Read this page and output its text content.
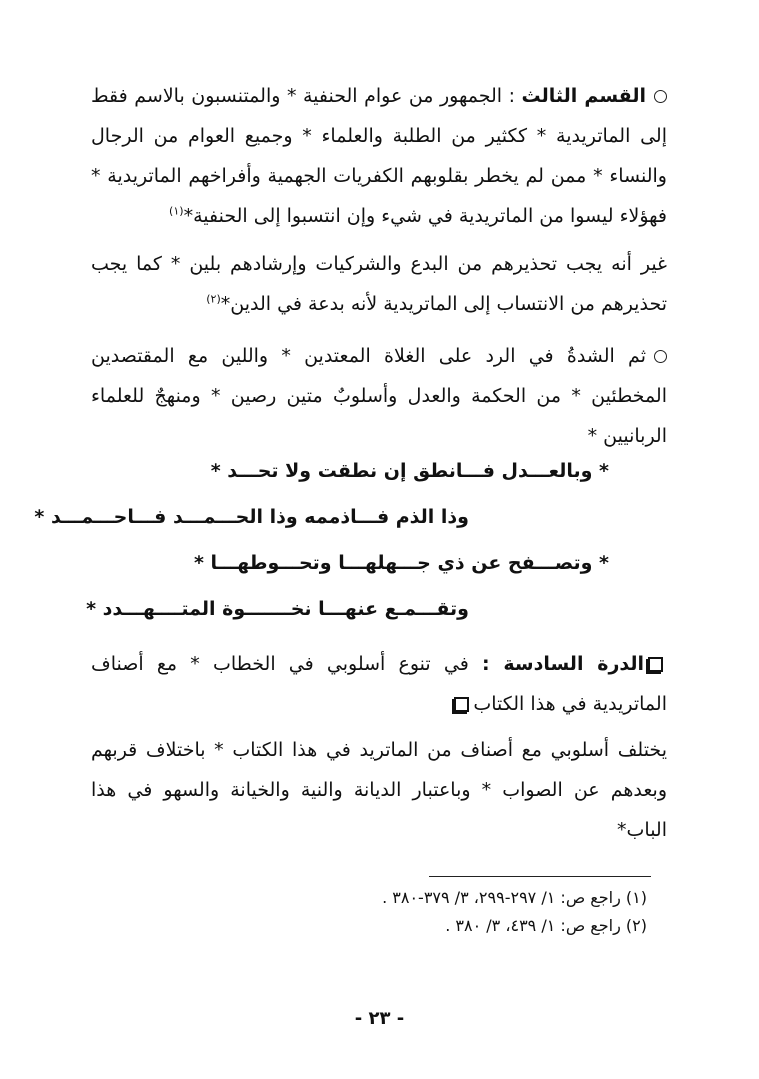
القسم الثالث : الجمهور من عوام الحنفية * والمتنسبون بالاسم فقط إلى الماتريدية * ككثير من الطلبة والعلماء * وجميع العوام من الرجال والنساء * ممن لم يخطر بقلوبهم الكفريات الجهمية وأفراخهم الماتريدية * فهؤلاء ليسوا من الماتريدية في شيء وإن انتسبوا إلى الحنفية*$^{(١)}$
غير أنه يجب تحذيرهم من البدع والشركيات وإرشادهم بلين * كما يجب تحذيرهم من الانتساب إلى الماتريدية لأنه بدعة في الدين*$^{(٢)}$
ثم الشدةُ في الرد على الغلاة المعتدين * واللين مع المقتصدين المخطئين * من الحكمة والعدل وأسلوبٌ متين رصين * ومنهجٌ للعلماء الربانيين *
* وبالعـــدل فـــانطق إن نطقت ولا تحـــد *
وذا الذم فـــاذممه وذا الحـــمـــد فـــاحـــمـــد *
* وتصـــفح عن ذي جـــهلهـــا وتحـــوطهـــا *
وتقـــمـع عنهـــا نخـــــــوة المتــــهـــدد *
الدرة السادسة : في تنوع أسلوبي في الخطاب * مع أصناف الماتريدية في هذا الكتاب
يختلف أسلوبي مع أصناف من الماتريد في هذا الكتاب * باختلاف قربهم وبعدهم عن الصواب * وباعتبار الديانة والنية والخيانة والسهو في هذا الباب*
(١) راجع ص: ١/ ٢٩٧-٢٩٩، ٣/ ٣٧٩-٣٨٠ .
(٢) راجع ص: ١/ ٤٣٩، ٣/ ٣٨٠ .
- ٢٣ -
